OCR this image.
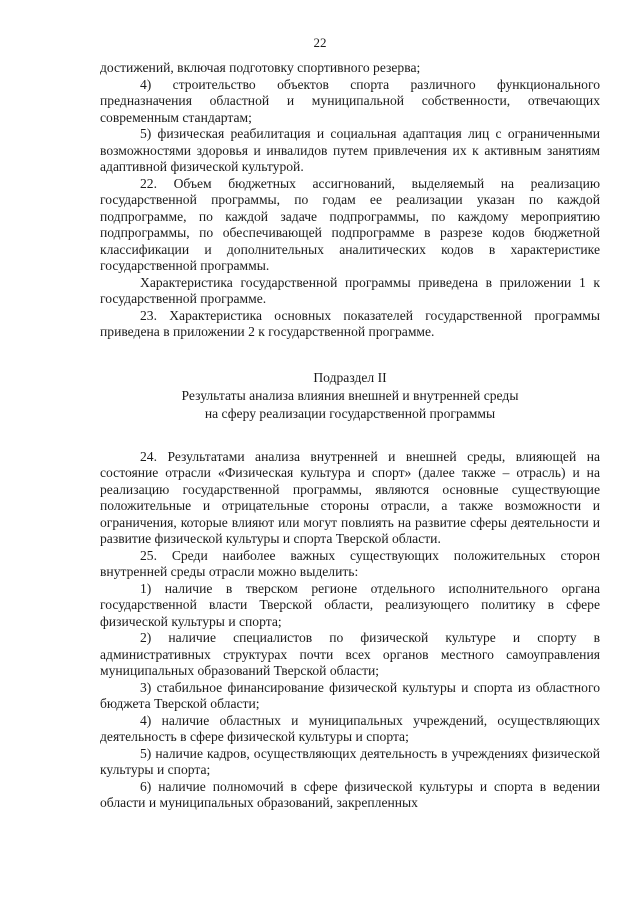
22

достижений, включая подготовку спортивного резерва;

4) строительство объектов спорта различного функционального предназначения областной и муниципальной собственности, отвечающих современным стандартам;

5) физическая реабилитация и социальная адаптация лиц с ограниченными возможностями здоровья и инвалидов путем привлечения их к активным занятиям адаптивной физической культурой.

22. Объем бюджетных ассигнований, выделяемый на реализацию государственной программы, по годам ее реализации указан по каждой подпрограмме, по каждой задаче подпрограммы, по каждому мероприятию подпрограммы, по обеспечивающей подпрограмме в разрезе кодов бюджетной классификации и дополнительных аналитических кодов в характеристике государственной программы.

Характеристика государственной программы приведена в приложении 1 к государственной программе.

23. Характеристика основных показателей государственной программы приведена в приложении 2 к государственной программе.

Подраздел II

Результаты анализа влияния внешней и внутренней среды

на сферу реализации государственной программы

24. Результатами анализа внутренней и внешней среды, влияющей на состояние отрасли «Физическая культура и спорт» (далее также – отрасль) и на реализацию государственной программы, являются основные существующие положительные и отрицательные стороны отрасли, а также возможности и ограничения, которые влияют или могут повлиять на развитие сферы деятельности и развитие физической культуры и спорта Тверской области.

25. Среди наиболее важных существующих положительных сторон внутренней среды отрасли можно выделить:

1) наличие в тверском регионе отдельного исполнительного органа государственной власти Тверской области, реализующего политику в сфере физической культуры и спорта;

2) наличие специалистов по физической культуре и спорту в административных структурах почти всех органов местного самоуправления муниципальных образований Тверской области;

3) стабильное финансирование физической культуры и спорта из областного бюджета Тверской области;

4) наличие областных и муниципальных учреждений, осуществляющих деятельность в сфере физической культуры и спорта;

5) наличие кадров, осуществляющих деятельность в учреждениях физической культуры и спорта;

6) наличие полномочий в сфере физической культуры и спорта в ведении области и муниципальных образований, закрепленных
